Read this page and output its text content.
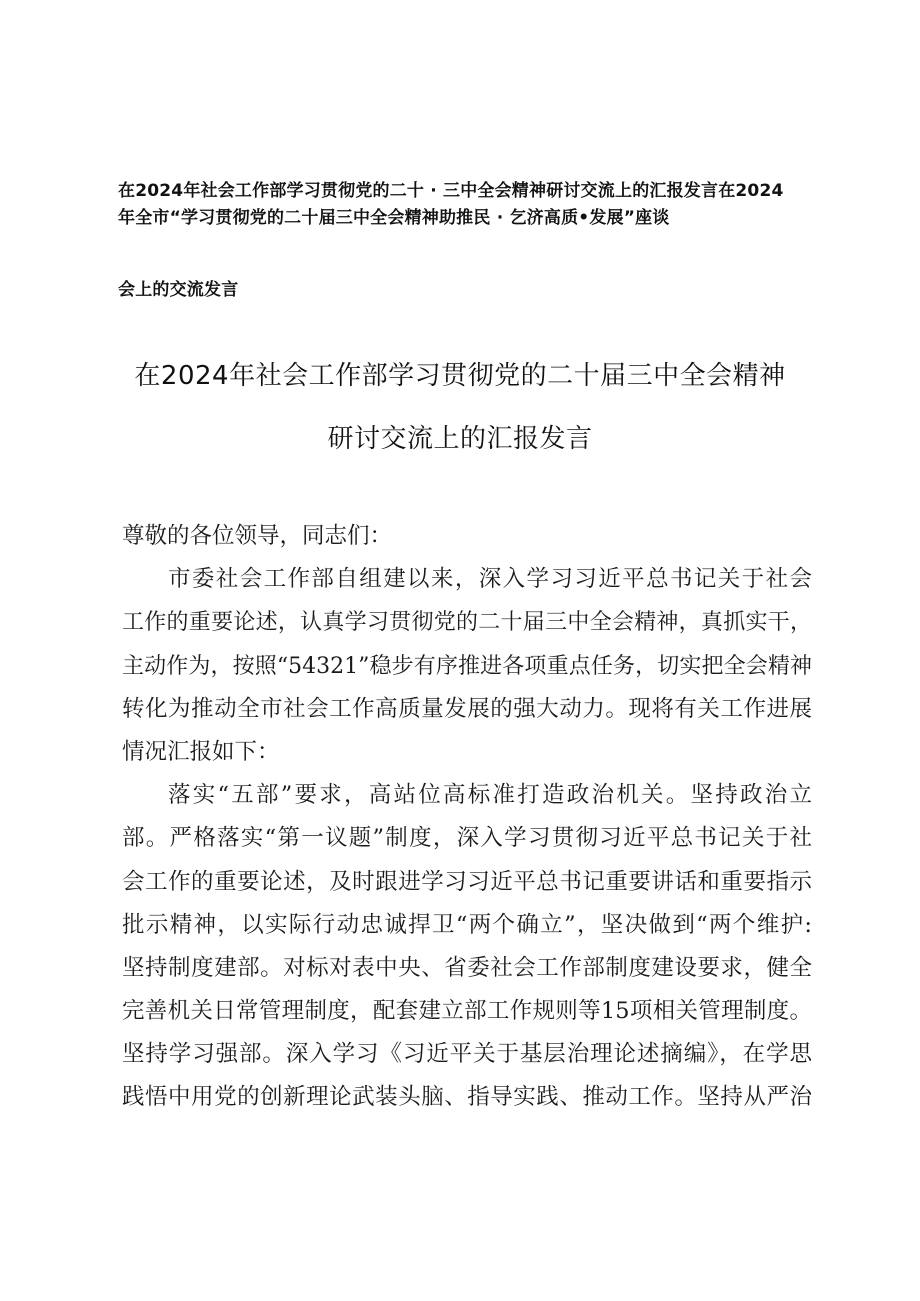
在2024年社会工作部学习贯彻党的二十 · 三中全会精神研讨交流上的汇报发言在2024
年全市“学习贯彻党的二十届三中全会精神助推民 · 乞济高质•发展”座谈
会上的交流发言
在2024年社会工作部学习贯彻党的二十届三中全会精神
研讨交流上的汇报发言
尊敬的各位领导，同志们：
市委社会工作部自组建以来，深入学习习近平总书记关于社会
工作的重要论述，认真学习贯彻党的二十届三中全会精神，真抓实干，
主动作为，按照“54321”稳步有序推进各项重点任务，切实把全会精神
转化为推动全市社会工作高质量发展的强大动力。现将有关工作进展
情况汇报如下：
落实“五部”要求，高站位高标准打造政治机关。坚持政治立
部。严格落实“第一议题”制度，深入学习贯彻习近平总书记关于社
会工作的重要论述，及时跟进学习习近平总书记重要讲话和重要指示
批示精神，以实际行动忠诚捍卫“两个确立”，坚决做到“两个维护:
坚持制度建部。对标对表中央、省委社会工作部制度建设要求，健全
完善机关日常管理制度，配套建立部工作规则等15项相关管理制度。
坚持学习强部。深入学习《习近平关于基层治理论述摘编》，在学思
践悟中用党的创新理论武装头脑、指导实践、推动工作。坚持从严治
